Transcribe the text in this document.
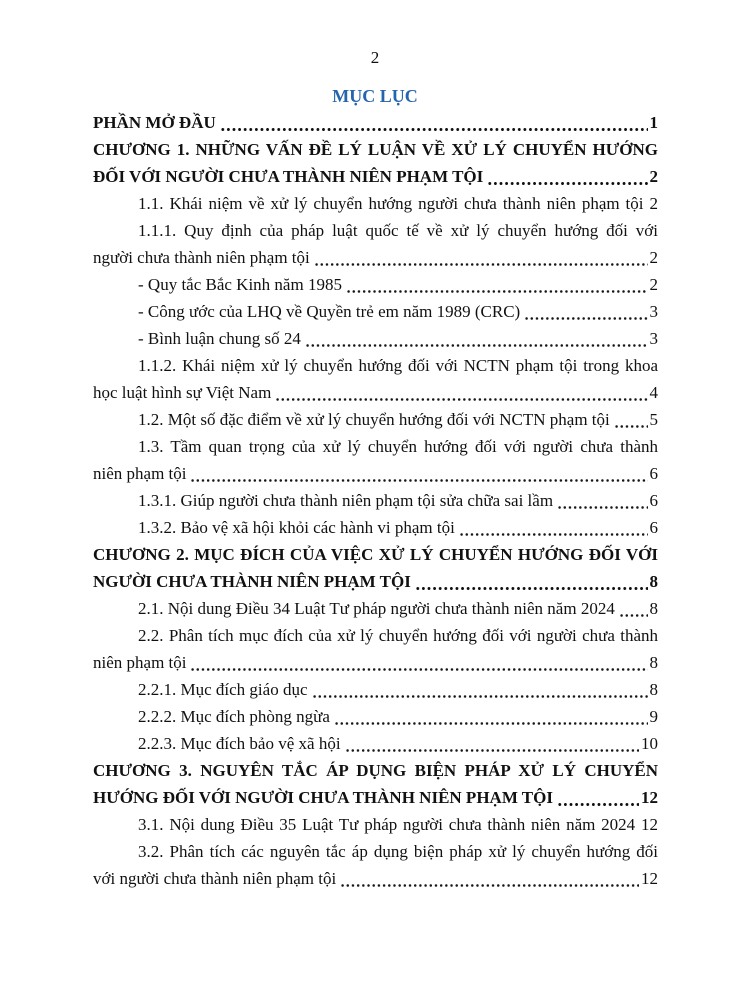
2
MỤC LỤC
PHẦN MỞ ĐẦU	1
CHƯƠNG 1. NHỮNG VẤN ĐỀ LÝ LUẬN VỀ XỬ LÝ CHUYỂN HƯỚNG
ĐỐI VỚI NGƯỜI CHƯA THÀNH NIÊN PHẠM TỘI	2
1.1. Khái niệm về xử lý chuyển hướng người chưa thành niên phạm tội 2
1.1.1. Quy định của pháp luật quốc tế về xử lý chuyển hướng đối với
người chưa thành niên phạm tội	2
- Quy tắc Bắc Kinh năm 1985	2
- Công ước của LHQ về Quyền trẻ em năm 1989 (CRC)	3
- Bình luận chung số 24	3
1.1.2. Khái niệm xử lý chuyển hướng đối với NCTN phạm tội trong khoa
học luật hình sự Việt Nam	4
1.2. Một số đặc điểm về xử lý chuyển hướng đối với NCTN phạm tội 5
1.3. Tầm quan trọng của xử lý chuyển hướng đối với người chưa thành
niên phạm tội	6
1.3.1. Giúp người chưa thành niên phạm tội sửa chữa sai lầm	6
1.3.2. Bảo vệ xã hội khỏi các hành vi phạm tội	6
CHƯƠNG 2. MỤC ĐÍCH CỦA VIỆC XỬ LÝ CHUYỂN HƯỚNG ĐỐI VỚI
NGƯỜI CHƯA THÀNH NIÊN PHẠM TỘI	8
2.1. Nội dung Điều 34 Luật Tư pháp người chưa thành niên năm 2024 8
2.2. Phân tích mục đích của xử lý chuyển hướng đối với người chưa thành
niên phạm tội	8
2.2.1. Mục đích giáo dục	8
2.2.2. Mục đích phòng ngừa	9
2.2.3. Mục đích bảo vệ xã hội	10
CHƯƠNG 3. NGUYÊN TẮC ÁP DỤNG BIỆN PHÁP XỬ LÝ CHUYỂN
HƯỚNG ĐỐI VỚI NGƯỜI CHƯA THÀNH NIÊN PHẠM TỘI	12
3.1. Nội dung Điều 35 Luật Tư pháp người chưa thành niên năm 2024 12
3.2. Phân tích các nguyên tắc áp dụng biện pháp xử lý chuyển hướng đối
với người chưa thành niên phạm tội	12
